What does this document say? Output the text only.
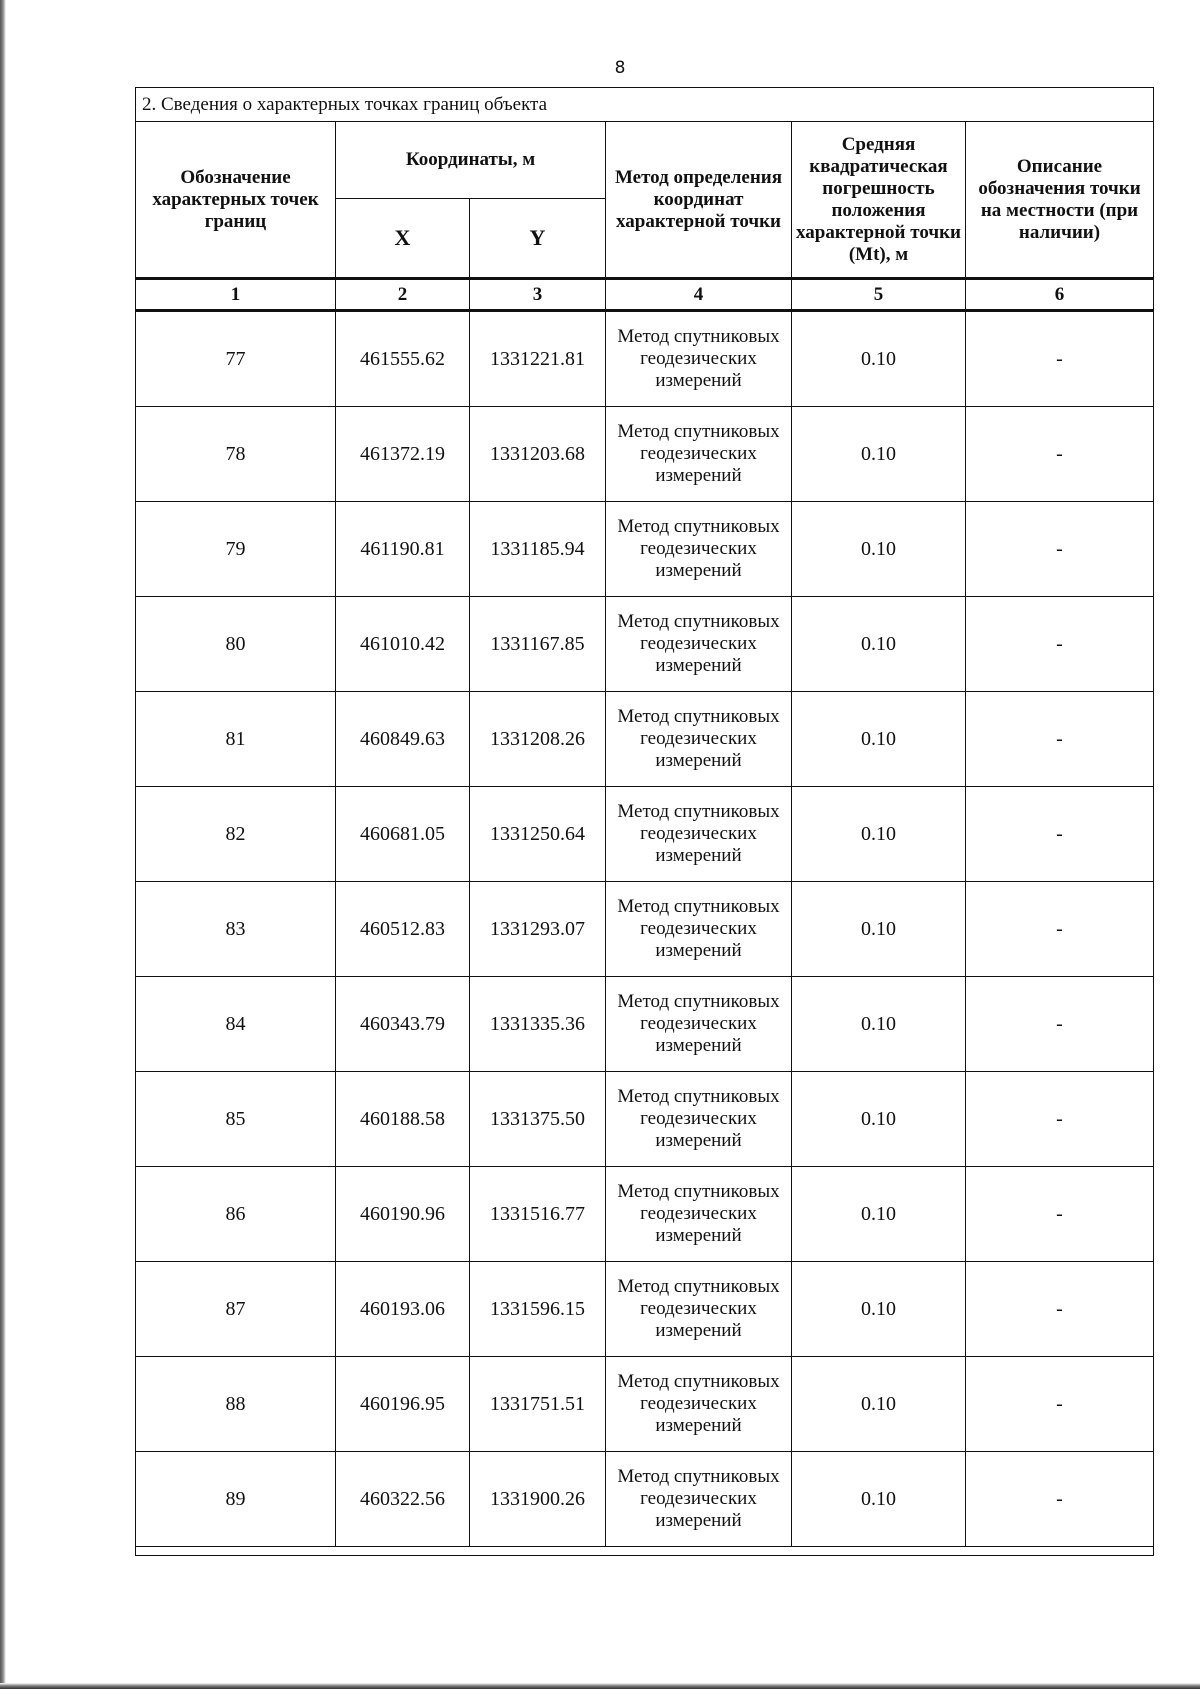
8
2. Сведения о характерных точках границ объекта					
Обозначение характерных точек границ	Координаты, м		Метод определения координат характерной точки	Средняя квадратическая погрешность положения характерной точки (Mt), м	Описание обозначения точки на местности (при наличии)
	X	Y			
1	2	3	4	5	6
77	461555.62	1331221.81	Метод спутниковых геодезических измерений	0.10	-
78	461372.19	1331203.68	Метод спутниковых геодезических измерений	0.10	-
79	461190.81	1331185.94	Метод спутниковых геодезических измерений	0.10	-
80	461010.42	1331167.85	Метод спутниковых геодезических измерений	0.10	-
81	460849.63	1331208.26	Метод спутниковых геодезических измерений	0.10	-
82	460681.05	1331250.64	Метод спутниковых геодезических измерений	0.10	-
83	460512.83	1331293.07	Метод спутниковых геодезических измерений	0.10	-
84	460343.79	1331335.36	Метод спутниковых геодезических измерений	0.10	-
85	460188.58	1331375.50	Метод спутниковых геодезических измерений	0.10	-
86	460190.96	1331516.77	Метод спутниковых геодезических измерений	0.10	-
87	460193.06	1331596.15	Метод спутниковых геодезических измерений	0.10	-
88	460196.95	1331751.51	Метод спутниковых геодезических измерений	0.10	-
89	460322.56	1331900.26	Метод спутниковых геодезических измерений	0.10	-
